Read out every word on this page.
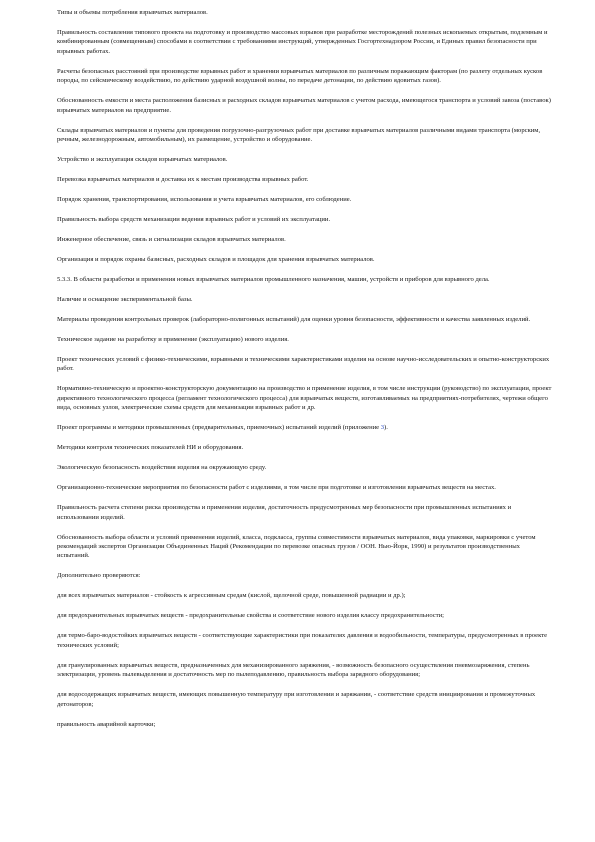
Типы и объемы потребления взрывчатых материалов.

Правильность составления типового проекта на подготовку и производство массовых взрывов при разработке месторождений полезных ископаемых открытым, подземным и комбинированным (совмещенным) способами в соответствии с требованиями инструкций, утвержденных Госгортехнадзором России, и Единых правил безопасности при взрывных работах.

Расчеты безопасных расстояний при производстве взрывных работ и хранении взрывчатых материалов по различным поражающим факторам (по разлету отдельных кусков породы, по сейсмическому воздействию, по действию ударной воздушной волны, по передаче детонации, по действию ядовитых газов).

Обоснованность емкости и места расположения базисных и расходных складов взрывчатых материалов с учетом расхода, имеющегося транспорта и условий завоза (поставок) взрывчатых материалов на предприятие.

Склады взрывчатых материалов и пункты для проведения погрузочно-разгрузочных работ при доставке взрывчатых материалов различными видами транспорта (морским, речным, железнодорожным, автомобильным), их размещение, устройство и оборудование.

Устройство и эксплуатация складов взрывчатых материалов.

Перевозка взрывчатых материалов и доставка их к местам производства взрывных работ.

Порядок хранения, транспортирования, использования и учета взрывчатых материалов, его соблюдение.

Правильность выбора средств механизации ведения взрывных работ и условий их эксплуатации.

Инженерное обеспечение, связь и сигнализация складов взрывчатых материалов.

Организация и порядок охраны базисных, расходных складов и площадок для хранения взрывчатых материалов.

5.3.3. В области разработки и применения новых взрывчатых материалов промышленного назначения, машин, устройств и приборов для взрывного дела.

Наличие и оснащение экспериментальной базы.

Материалы проведения контрольных проверок (лабораторно-полигонных испытаний) для оценки уровня безопасности, эффективности и качества заявленных изделий.

Техническое задание на разработку и применение (эксплуатацию) нового изделия.

Проект технических условий с физико-техническими, взрывными и техническими характеристиками изделия на основе научно-исследовательских и опытно-конструкторских работ.

Нормативно-техническую и проектно-конструкторскую документацию на производство и применение изделия, в том числе инструкции (руководство) по эксплуатации, проект директивного технологического процесса (регламент технологического процесса) для взрывчатых веществ, изготавливаемых на предприятиях-потребителях, чертежи общего вида, основных узлов, электрические схемы средств для механизации взрывных работ и др.

Проект программы и методики промышленных (предварительных, приемочных) испытаний изделий (приложение 3).

Методики контроля технических показателей НИ и оборудования.

Экологическую безопасность воздействия изделия на окружающую среду.

Организационно-технические мероприятия по безопасности работ с изделиями, в том числе при подготовке и изготовлении взрывчатых веществ на местах.

Правильность расчета степени риска производства и применения изделия, достаточность предусмотренных мер безопасности при промышленных испытаниях и использовании изделий.

Обоснованность выбора области и условий применения изделий, класса, подкласса, группы совместимости взрывчатых материалов, вида упаковки, маркировки с учетом рекомендаций экспертов Организации Объединенных Наций (Рекомендации по перевозке опасных грузов / ООН. Нью-Йорк, 1990) и результатов производственных испытаний.

Дополнительно проверяются:

для всех взрывчатых материалов - стойкость к агрессивным средам (кислой, щелочной среде, повышенной радиации и др.);

для предохранительных взрывчатых веществ - предохранительные свойства и соответствие нового изделия классу предохранительности;

для термо-барo-водостойких взрывчатых веществ - соответствующие характеристики при показателях давления и водообильности, температуры, предусмотренных в проекте технических условий;

для гранулированных взрывчатых веществ, предназначенных для механизированного заряжения, - возможность безопасного осуществления пневмозаряжения, степень электризации, уровень пылевыделения и достаточность мер по пылеподавлению, правильность выбора зарядного оборудования;

для водосодержащих взрывчатых веществ, имеющих повышенную температуру при изготовлении и заряжании, - соответствие средств инициирования и промежуточных детонаторов;

правильность аварийной карточки;
